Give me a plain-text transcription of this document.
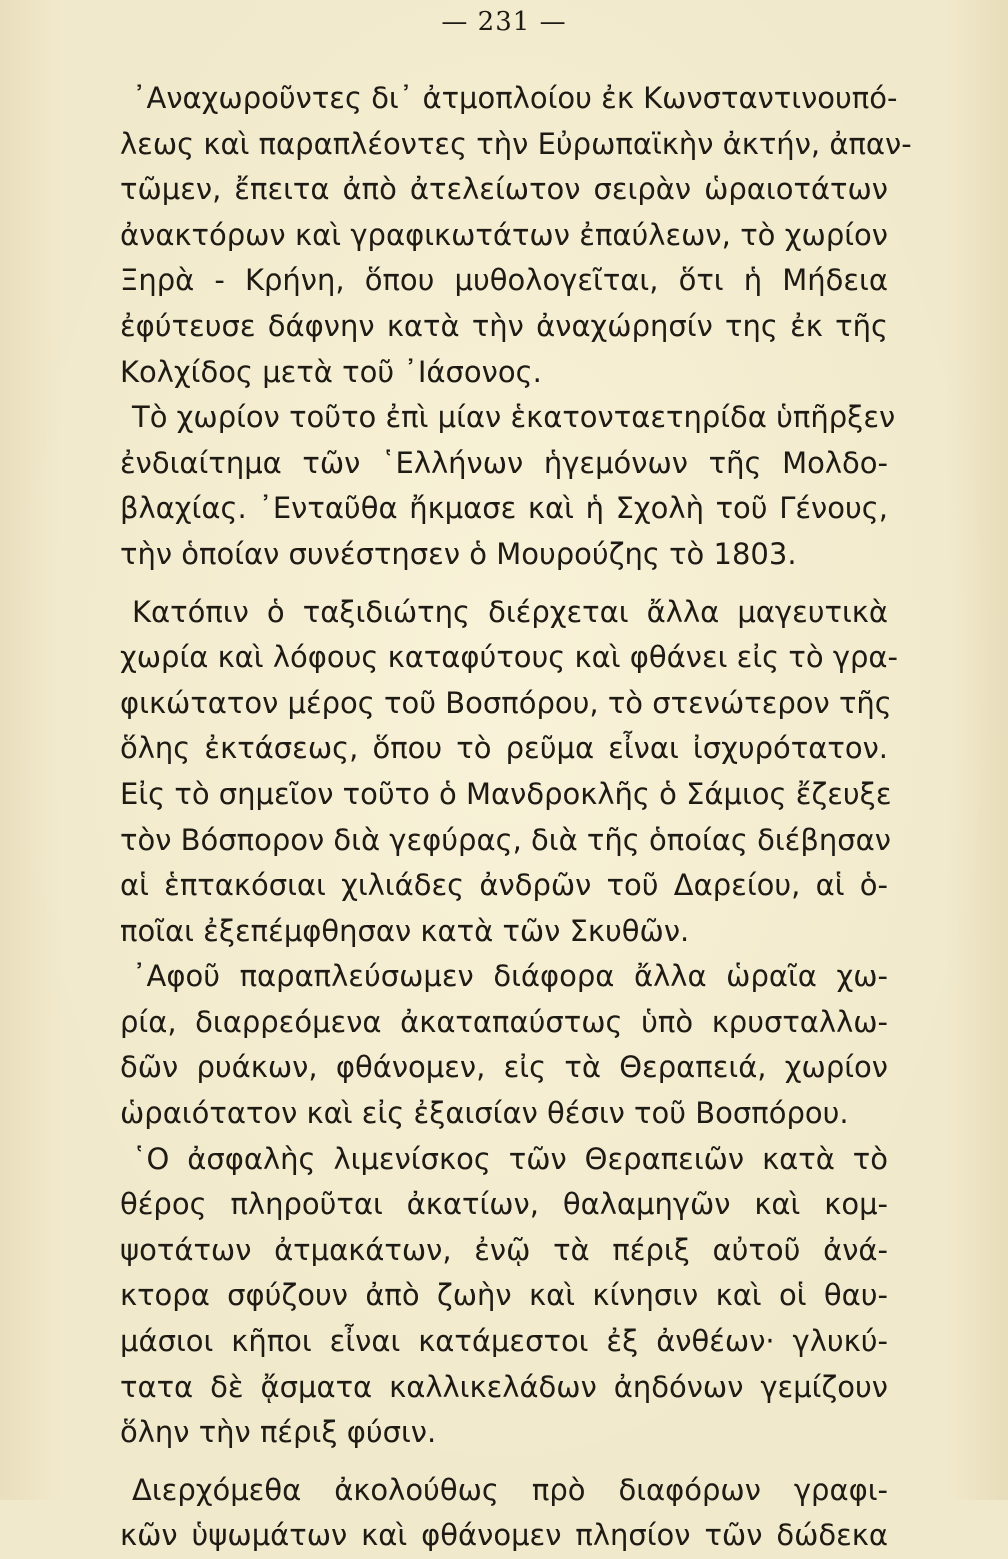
— 231 —
᾿Αναχωροῦντες δι᾿ ἀτμοπλοίου ἐκ Κωνσταντινουπό-
λεως καὶ παραπλέοντες τὴν Εὐρωπαϊκὴν ἀκτήν, ἀπαν-
τῶμεν, ἔπειτα ἀπὸ ἀτελείωτον σειρὰν ὡραιοτάτων
ἀνακτόρων καὶ γραφικωτάτων ἐπαύλεων, τὸ χωρίον
Ξηρὰ - Κρήνη, ὅπου μυθολογεῖται, ὅτι ἡ Μήδεια
ἐφύτευσε δάφνην κατὰ τὴν ἀναχώρησίν της ἐκ τῆς
Κολχίδος μετὰ τοῦ ᾿Ιάσονος.
Τὸ χωρίον τοῦτο ἐπὶ μίαν ἑκατονταετηρίδα ὑπῆρξεν
ἐνδιαίτημα τῶν ῾Ελλήνων ἡγεμόνων τῆς Μολδο-
βλαχίας. ᾿Ενταῦθα ἤκμασε καὶ ἡ Σχολὴ τοῦ Γένους,
τὴν ὁποίαν συνέστησεν ὁ Μουρούζης τὸ 1803.
Κατόπιν ὁ ταξιδιώτης διέρχεται ἄλλα μαγευτικὰ
χωρία καὶ λόφους καταφύτους καὶ φθάνει εἰς τὸ γρα-
φικώτατον μέρος τοῦ Βοσπόρου, τὸ στενώτερον τῆς
ὅλης ἐκτάσεως, ὅπου τὸ ρεῦμα εἶναι ἰσχυρότατον.
Εἰς τὸ σημεῖον τοῦτο ὁ Μανδροκλῆς ὁ Σάμιος ἔζευξε
τὸν Βόσπορον διὰ γεφύρας, διὰ τῆς ὁποίας διέβησαν
αἱ ἑπτακόσιαι χιλιάδες ἀνδρῶν τοῦ Δαρείου, αἱ ὁ-
ποῖαι ἐξεπέμφθησαν κατὰ τῶν Σκυθῶν.
᾿Αφοῦ παραπλεύσωμεν διάφορα ἄλλα ὡραῖα χω-
ρία, διαρρεόμενα ἀκαταπαύστως ὑπὸ κρυσταλλω-
δῶν ρυάκων, φθάνομεν, εἰς τὰ Θεραπειά, χωρίον
ὡραιότατον καὶ εἰς ἐξαισίαν θέσιν τοῦ Βοσπόρου.
῾Ο ἀσφαλὴς λιμενίσκος τῶν Θεραπειῶν κατὰ τὸ
θέρος πληροῦται ἀκατίων, θαλαμηγῶν καὶ κομ-
ψοτάτων ἀτμακάτων, ἐνῷ τὰ πέριξ αὐτοῦ ἀνά-
κτορα σφύζουν ἀπὸ ζωὴν καὶ κίνησιν καὶ οἱ θαυ-
μάσιοι κῆποι εἶναι κατάμεστοι ἐξ ἀνθέων· γλυκύ-
τατα δὲ ᾄσματα καλλικελάδων ἀηδόνων γεμίζουν
ὅλην τὴν πέριξ φύσιν.
Διερχόμεθα ἀκολούθως πρὸ διαφόρων γραφι-
κῶν ὑψωμάτων καὶ φθάνομεν πλησίον τῶν δώδεκα
